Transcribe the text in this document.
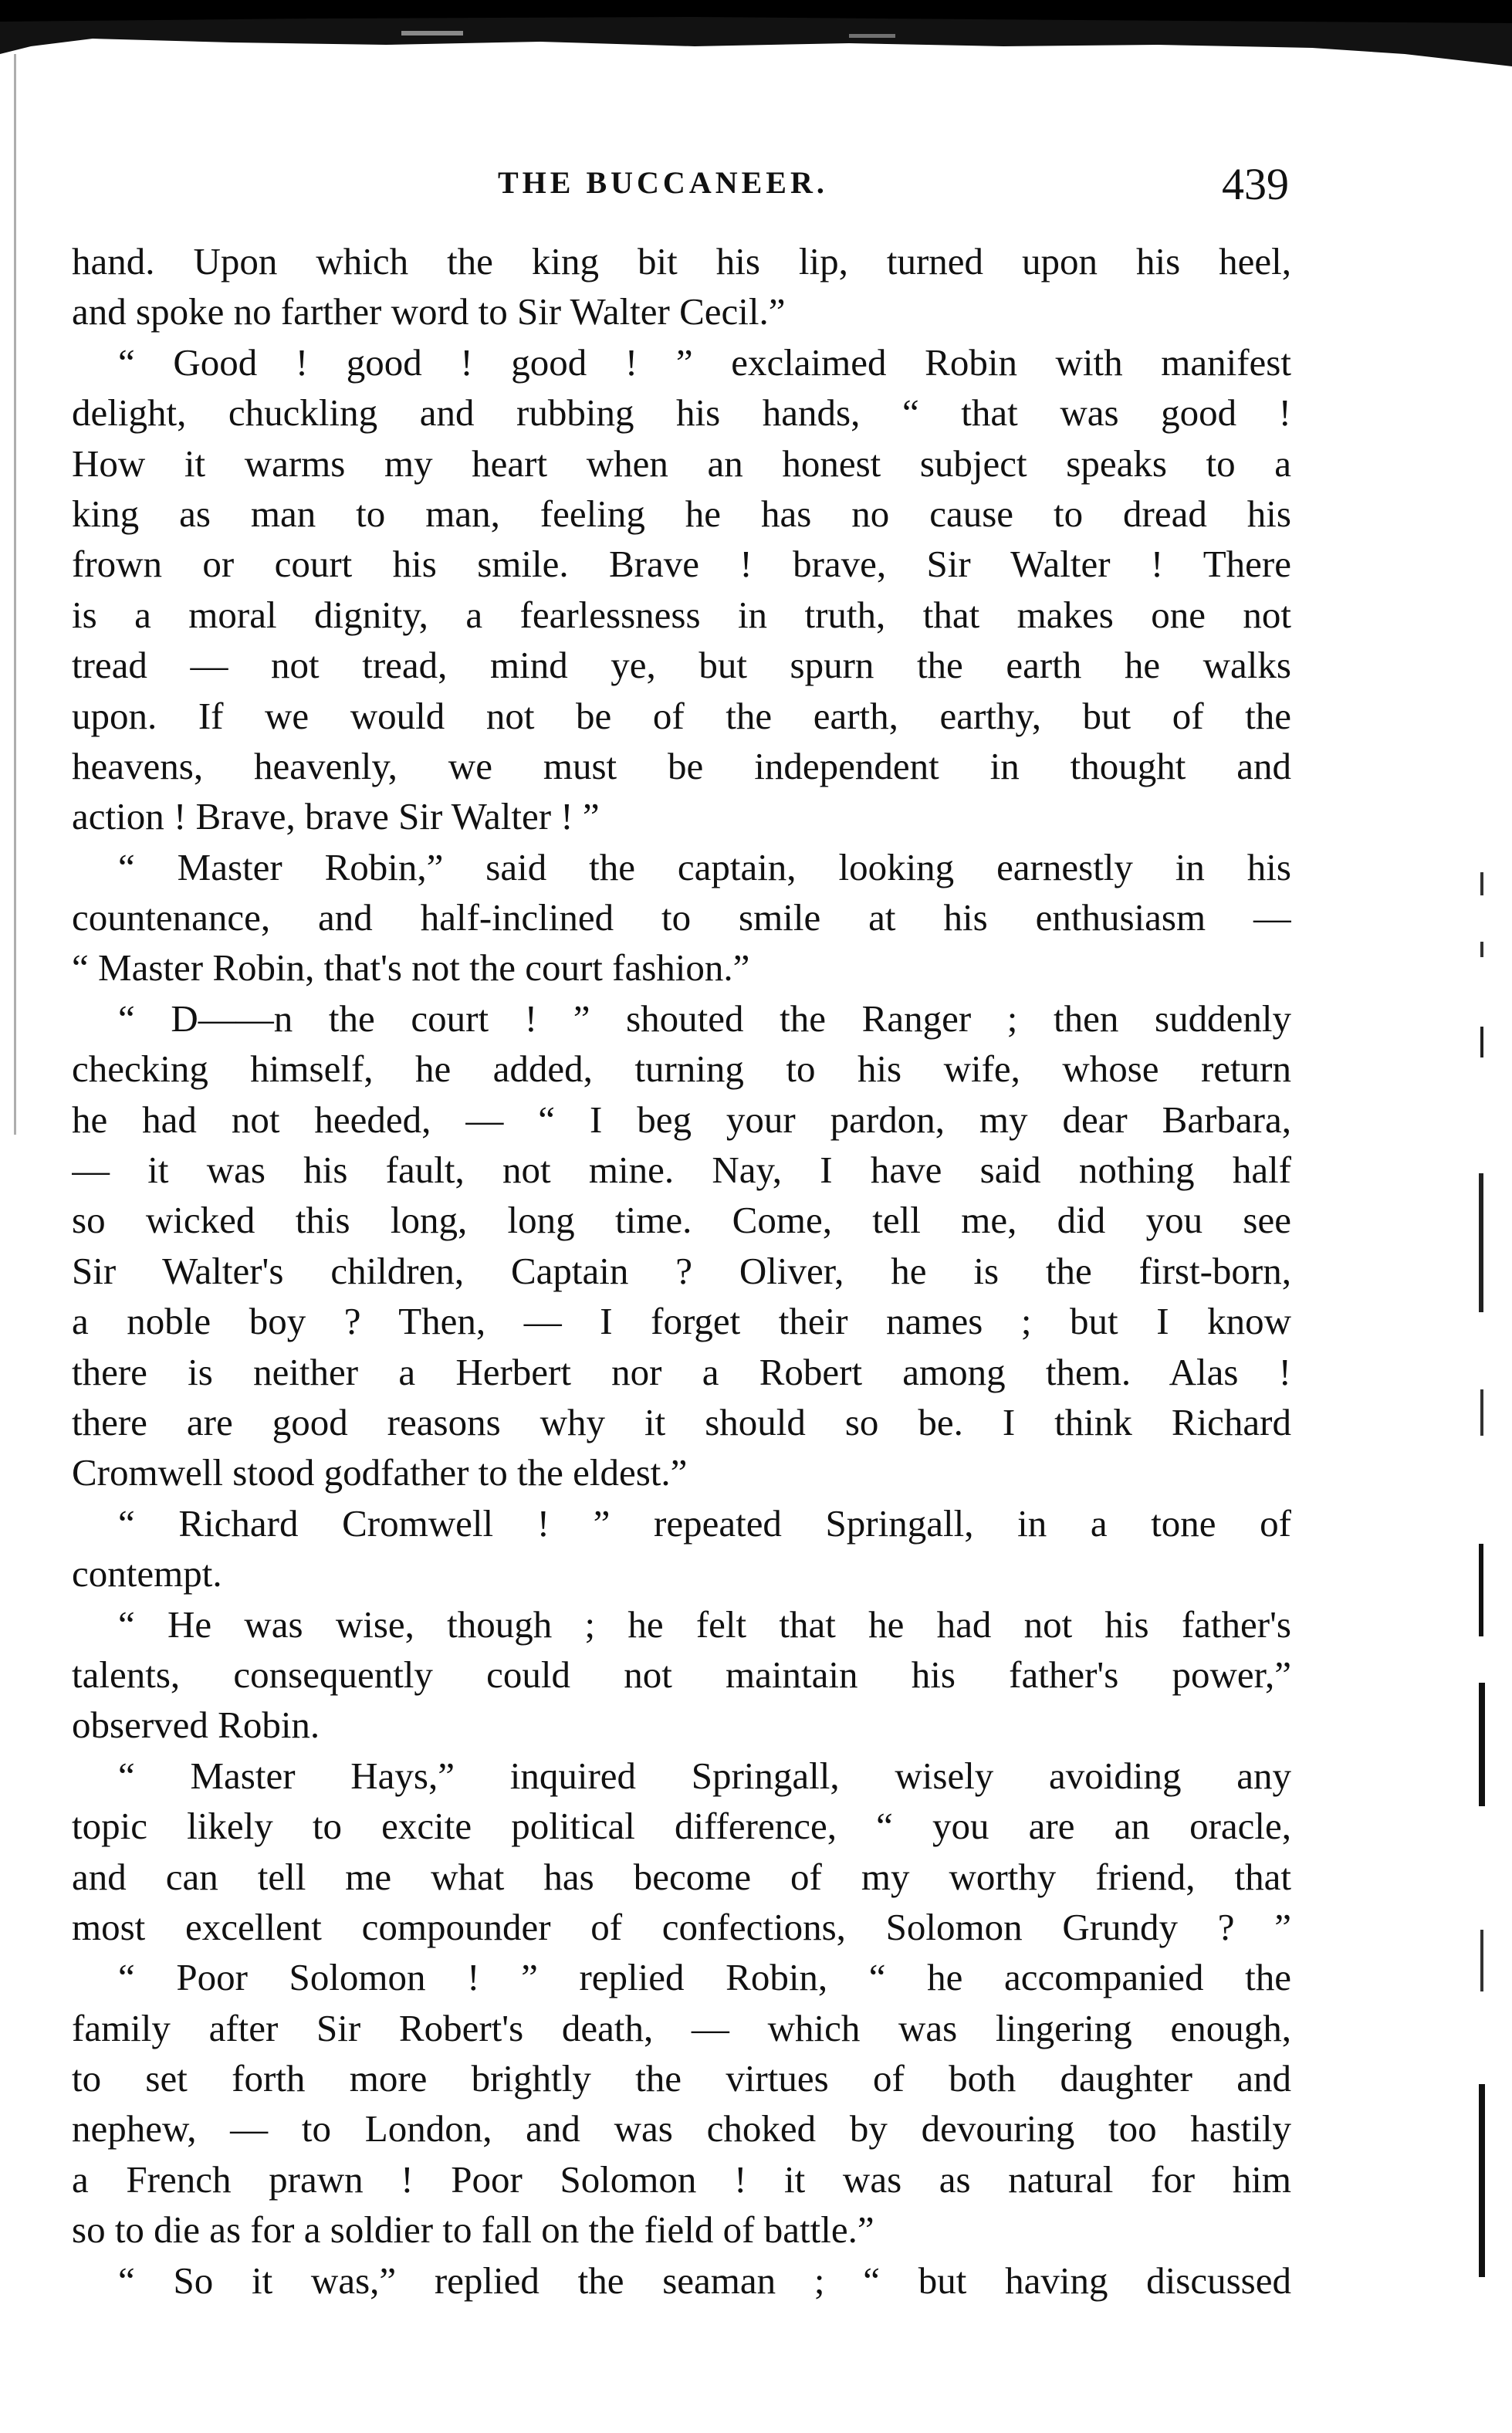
THE BUCCANEER.	439
hand. Upon which the king bit his lip, turned upon his heel,
and spoke no farther word to Sir Walter Cecil.”
“ Good ! good ! good ! ” exclaimed Robin with manifest
delight, chuckling and rubbing his hands, “ that was good !
How it warms my heart when an honest subject speaks to a
king as man to man, feeling he has no cause to dread his
frown or court his smile. Brave ! brave, Sir Walter ! There
is a moral dignity, a fearlessness in truth, that makes one not
tread — not tread, mind ye, but spurn the earth he walks
upon. If we would not be of the earth, earthy, but of the
heavens, heavenly, we must be independent in thought and
action ! Brave, brave Sir Walter ! ”
“ Master Robin,” said the captain, looking earnestly in his
countenance, and half-inclined to smile at his enthusiasm —
“ Master Robin, that's not the court fashion.”
“ D——n the court ! ” shouted the Ranger ; then suddenly
checking himself, he added, turning to his wife, whose return
he had not heeded, — “ I beg your pardon, my dear Barbara,
— it was his fault, not mine. Nay, I have said nothing half
so wicked this long, long time. Come, tell me, did you see
Sir Walter's children, Captain ? Oliver, he is the first-born,
a noble boy ? Then, — I forget their names ; but I know
there is neither a Herbert nor a Robert among them. Alas !
there are good reasons why it should so be. I think Richard
Cromwell stood godfather to the eldest.”
“ Richard Cromwell ! ” repeated Springall, in a tone of
contempt.
“ He was wise, though ; he felt that he had not his father's
talents, consequently could not maintain his father's power,”
observed Robin.
“ Master Hays,” inquired Springall, wisely avoiding any
topic likely to excite political difference, “ you are an oracle,
and can tell me what has become of my worthy friend, that
most excellent compounder of confections, Solomon Grundy ? ”
“ Poor Solomon ! ” replied Robin, “ he accompanied the
family after Sir Robert's death, — which was lingering enough,
to set forth more brightly the virtues of both daughter and
nephew, — to London, and was choked by devouring too hastily
a French prawn ! Poor Solomon ! it was as natural for him
so to die as for a soldier to fall on the field of battle.”
“ So it was,” replied the seaman ; “ but having discussed
